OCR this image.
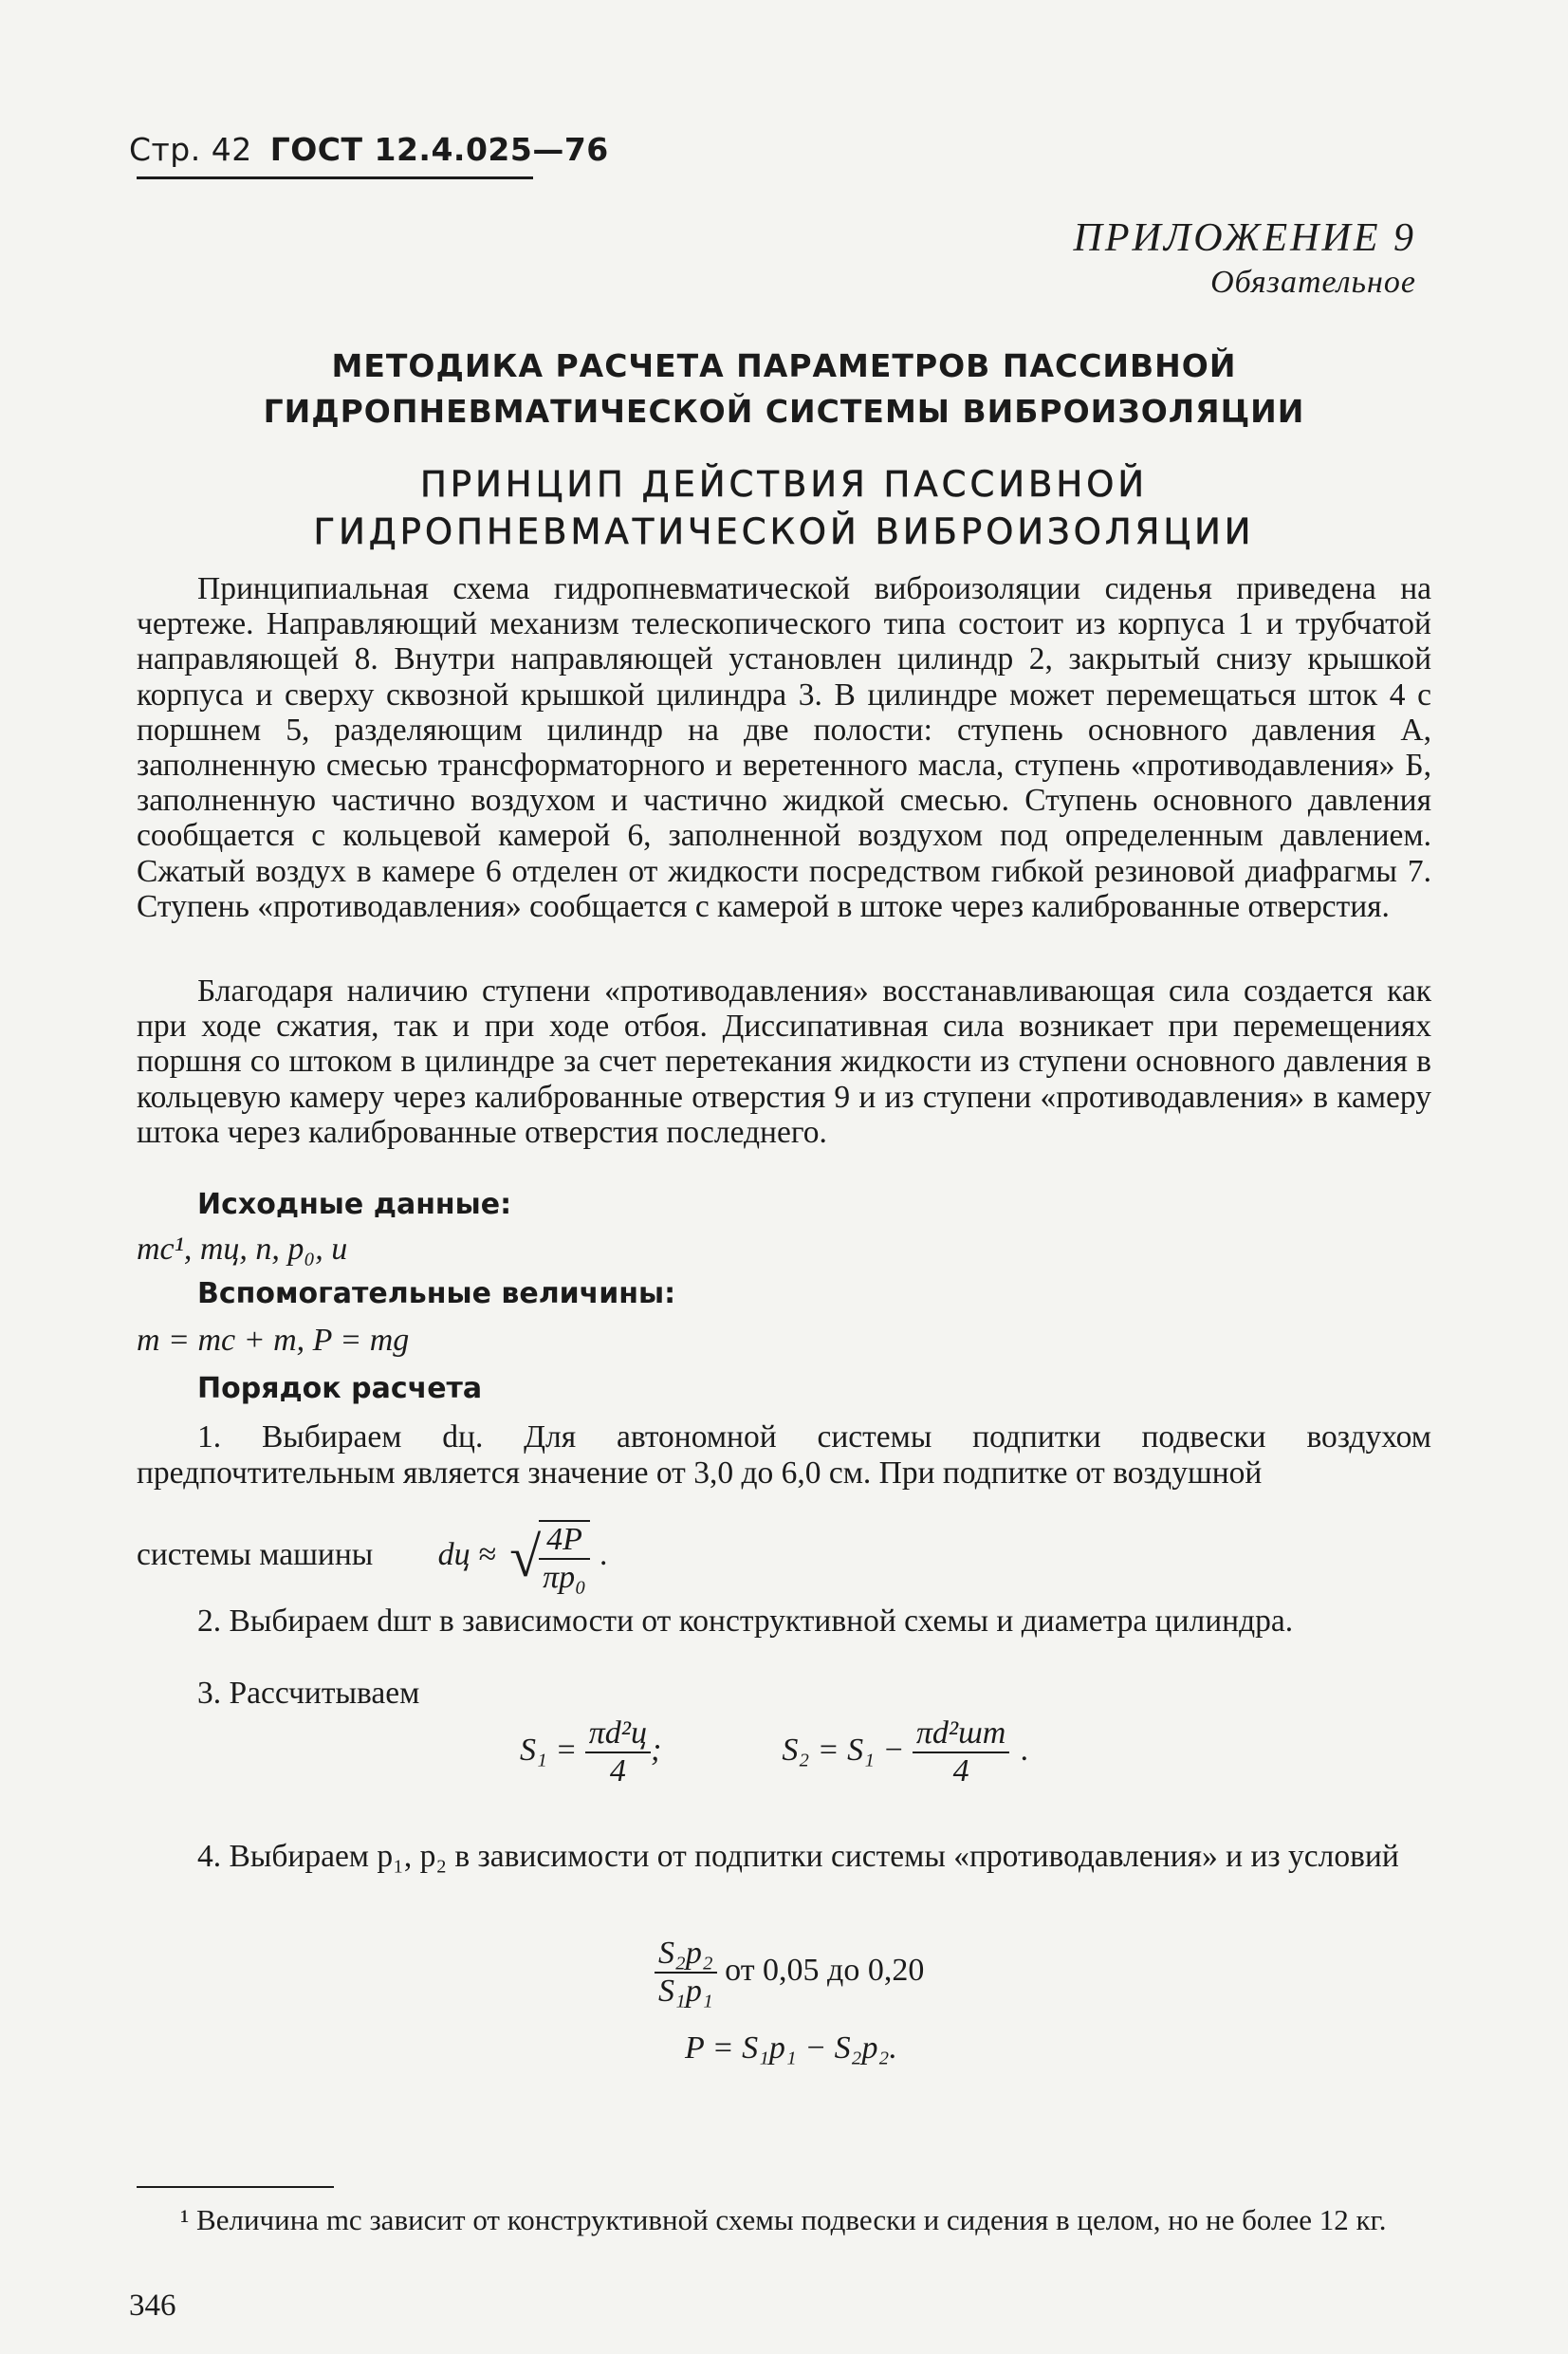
Стр. 42 ГОСТ 12.4.025—76
ПРИЛОЖЕНИЕ 9
Обязательное
МЕТОДИКА РАСЧЕТА ПАРАМЕТРОВ ПАССИВНОЙ
ГИДРОПНЕВМАТИЧЕСКОЙ СИСТЕМЫ ВИБРОИЗОЛЯЦИИ
ПРИНЦИП ДЕЙСТВИЯ ПАССИВНОЙ
ГИДРОПНЕВМАТИЧЕСКОЙ ВИБРОИЗОЛЯЦИИ

Принципиальная схема гидропневматической виброизоляции сиденья приведена на чертеже. Направляющий механизм телескопического типа состоит из корпуса 1 и трубчатой направляющей 8. Внутри направляющей установлен цилиндр 2, закрытый снизу крышкой корпуса и сверху сквозной крышкой цилиндра 3. В цилиндре может перемещаться шток 4 с поршнем 5, разделяющим цилиндр на две полости: ступень основного давления А, заполненную смесью трансформаторного и веретенного масла, ступень «противодавления» Б, заполненную частично воздухом и частично жидкой смесью. Ступень основного давления сообщается с кольцевой камерой 6, заполненной воздухом под определенным давлением. Сжатый воздух в камере 6 отделен от жидкости посредством гибкой резиновой диафрагмы 7. Ступень «противодавления» сообщается с камерой в штоке через калиброванные отверстия.

Благодаря наличию ступени «противодавления» восстанавливающая сила создается как при ходе сжатия, так и при ходе отбоя. Диссипативная сила возникает при перемещениях поршня со штоком в цилиндре за счет перетекания жидкости из ступени основного давления в кольцевую камеру через калиброванные отверстия 9 и из ступени «противодавления» в камеру штока через калиброванные отверстия последнего.

Исходные данные:
mс¹, mц, n, p₀, u
Вспомогательные величины:
m = mс + m, P = mg
Порядок расчета
1. Выбираем dц. Для автономной системы подпитки подвески воздухом предпочтительным является значение от 3,0 до 6,0 см. При подпитке от воздушной
системы машины dц ≈ √
$\frac{4P}{\text{πp₀}}$ .
2. Выбираем dшт в зависимости от конструктивной схемы и диаметра цилиндра.
3. Рассчитываем
$S_1 = \frac{\text{πd²ц}}{4}$ ;	$S_2 = S_1 - \frac{\text{πd²шт}}{4}$ .
4. Выбираем p₁, p₂ в зависимости от подпитки системы «противодавления» и из условий
$\frac{\text{S₂p₂}}{\text{S₁p₁}}$ от 0,05 до 0,20
P = S₁p₁ − S₂p₂.
¹ Величина mс зависит от конструктивной схемы подвески и сидения в целом, но не более 12 кг.
346
